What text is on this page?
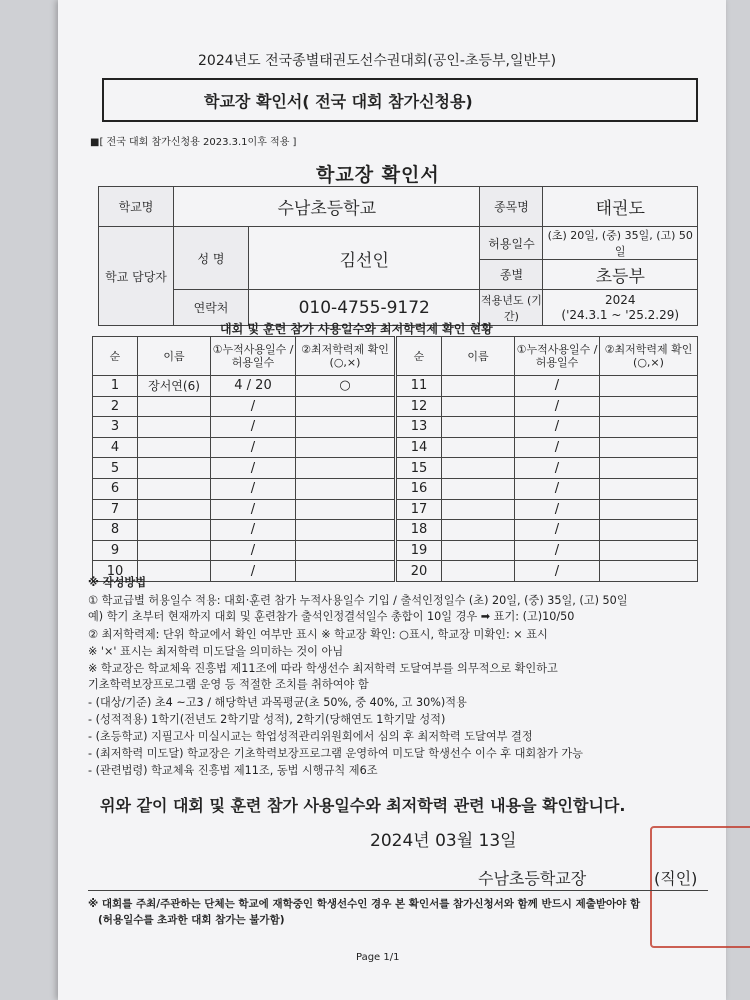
2024년도 전국종별태권도선수권대회(공인-초등부,일반부)
학교장 확인서( 전국 대회 참가신청용)
■[ 전국 대회 참가신청용 2023.3.1이후 적용 ]
학교장 확인서
학교명	수남초등학교		종목명	태권도
학교 담당자	성 명	김선인	허용일수	(초) 20일, (중) 35일, (고) 50일
			종별	초등부
	연락처	010-4755-9172	적용년도 (기간)	2024
('24.3.1 ~ '25.2.29)
대회 및 훈련 참가 사용일수와 최저학력제 확인 현황
순	이름	①누적사용일수 /허용일수	②최저학력제 확인(○,×)	순	이름	①누적사용일수 /허용일수	②최저학력제 확인(○,×)
1	장서연(6)	4 / 20	○	11		/	
2		/		12		/	
3		/		13		/	
4		/		14		/	
5		/		15		/	
6		/		16		/	
7		/		17		/	
8		/		18		/	
9		/		19		/	
10		/		20		/	
※ 작성방법
① 학교급별 허용일수 적용: 대회·훈련 참가 누적사용일수 기입 / 출석인정일수 (초) 20일, (중) 35일, (고) 50일
예) 학기 초부터 현재까지 대회 및 훈련참가 출석인정결석일수 총합이 10일 경우 ➡ 표기: (고)10/50
② 최저학력제: 단위 학교에서 확인 여부만 표시 ※ 학교장 확인: ○표시, 학교장 미확인: × 표시
※ '×' 표시는 최저학력 미도달을 의미하는 것이 아님
※ 학교장은 학교체육 진흥법 제11조에 따라 학생선수 최저학력 도달여부를 의무적으로 확인하고
기초학력보장프로그램 운영 등 적절한 조치를 취하여야 함
- (대상/기준) 초4 ~고3 / 해당학년 과목평균(초 50%, 중 40%, 고 30%)적용
- (성적적용) 1학기(전년도 2학기말 성적), 2학기(당해연도 1학기말 성적)
- (초등학교) 지필고사 미실시교는 학업성적관리위원회에서 심의 후 최저학력 도달여부 결정
- (최저학력 미도달) 학교장은 기초학력보장프로그램 운영하여 미도달 학생선수 이수 후 대회참가 가능
- (관련법령) 학교체육 진흥법 제11조, 동법 시행규칙 제6조
위와 같이 대회 및 훈련 참가 사용일수와 최저학력 관련 내용을 확인합니다.
2024년 03월 13일
수남초등학교장	(직인)
※ 대회를 주최/주관하는 단체는 학교에 재학중인 학생선수인 경우 본 확인서를 참가신청서와 함께 반드시 제출받아야 함
(허용일수를 초과한 대회 참가는 불가함)
Page 1/1
